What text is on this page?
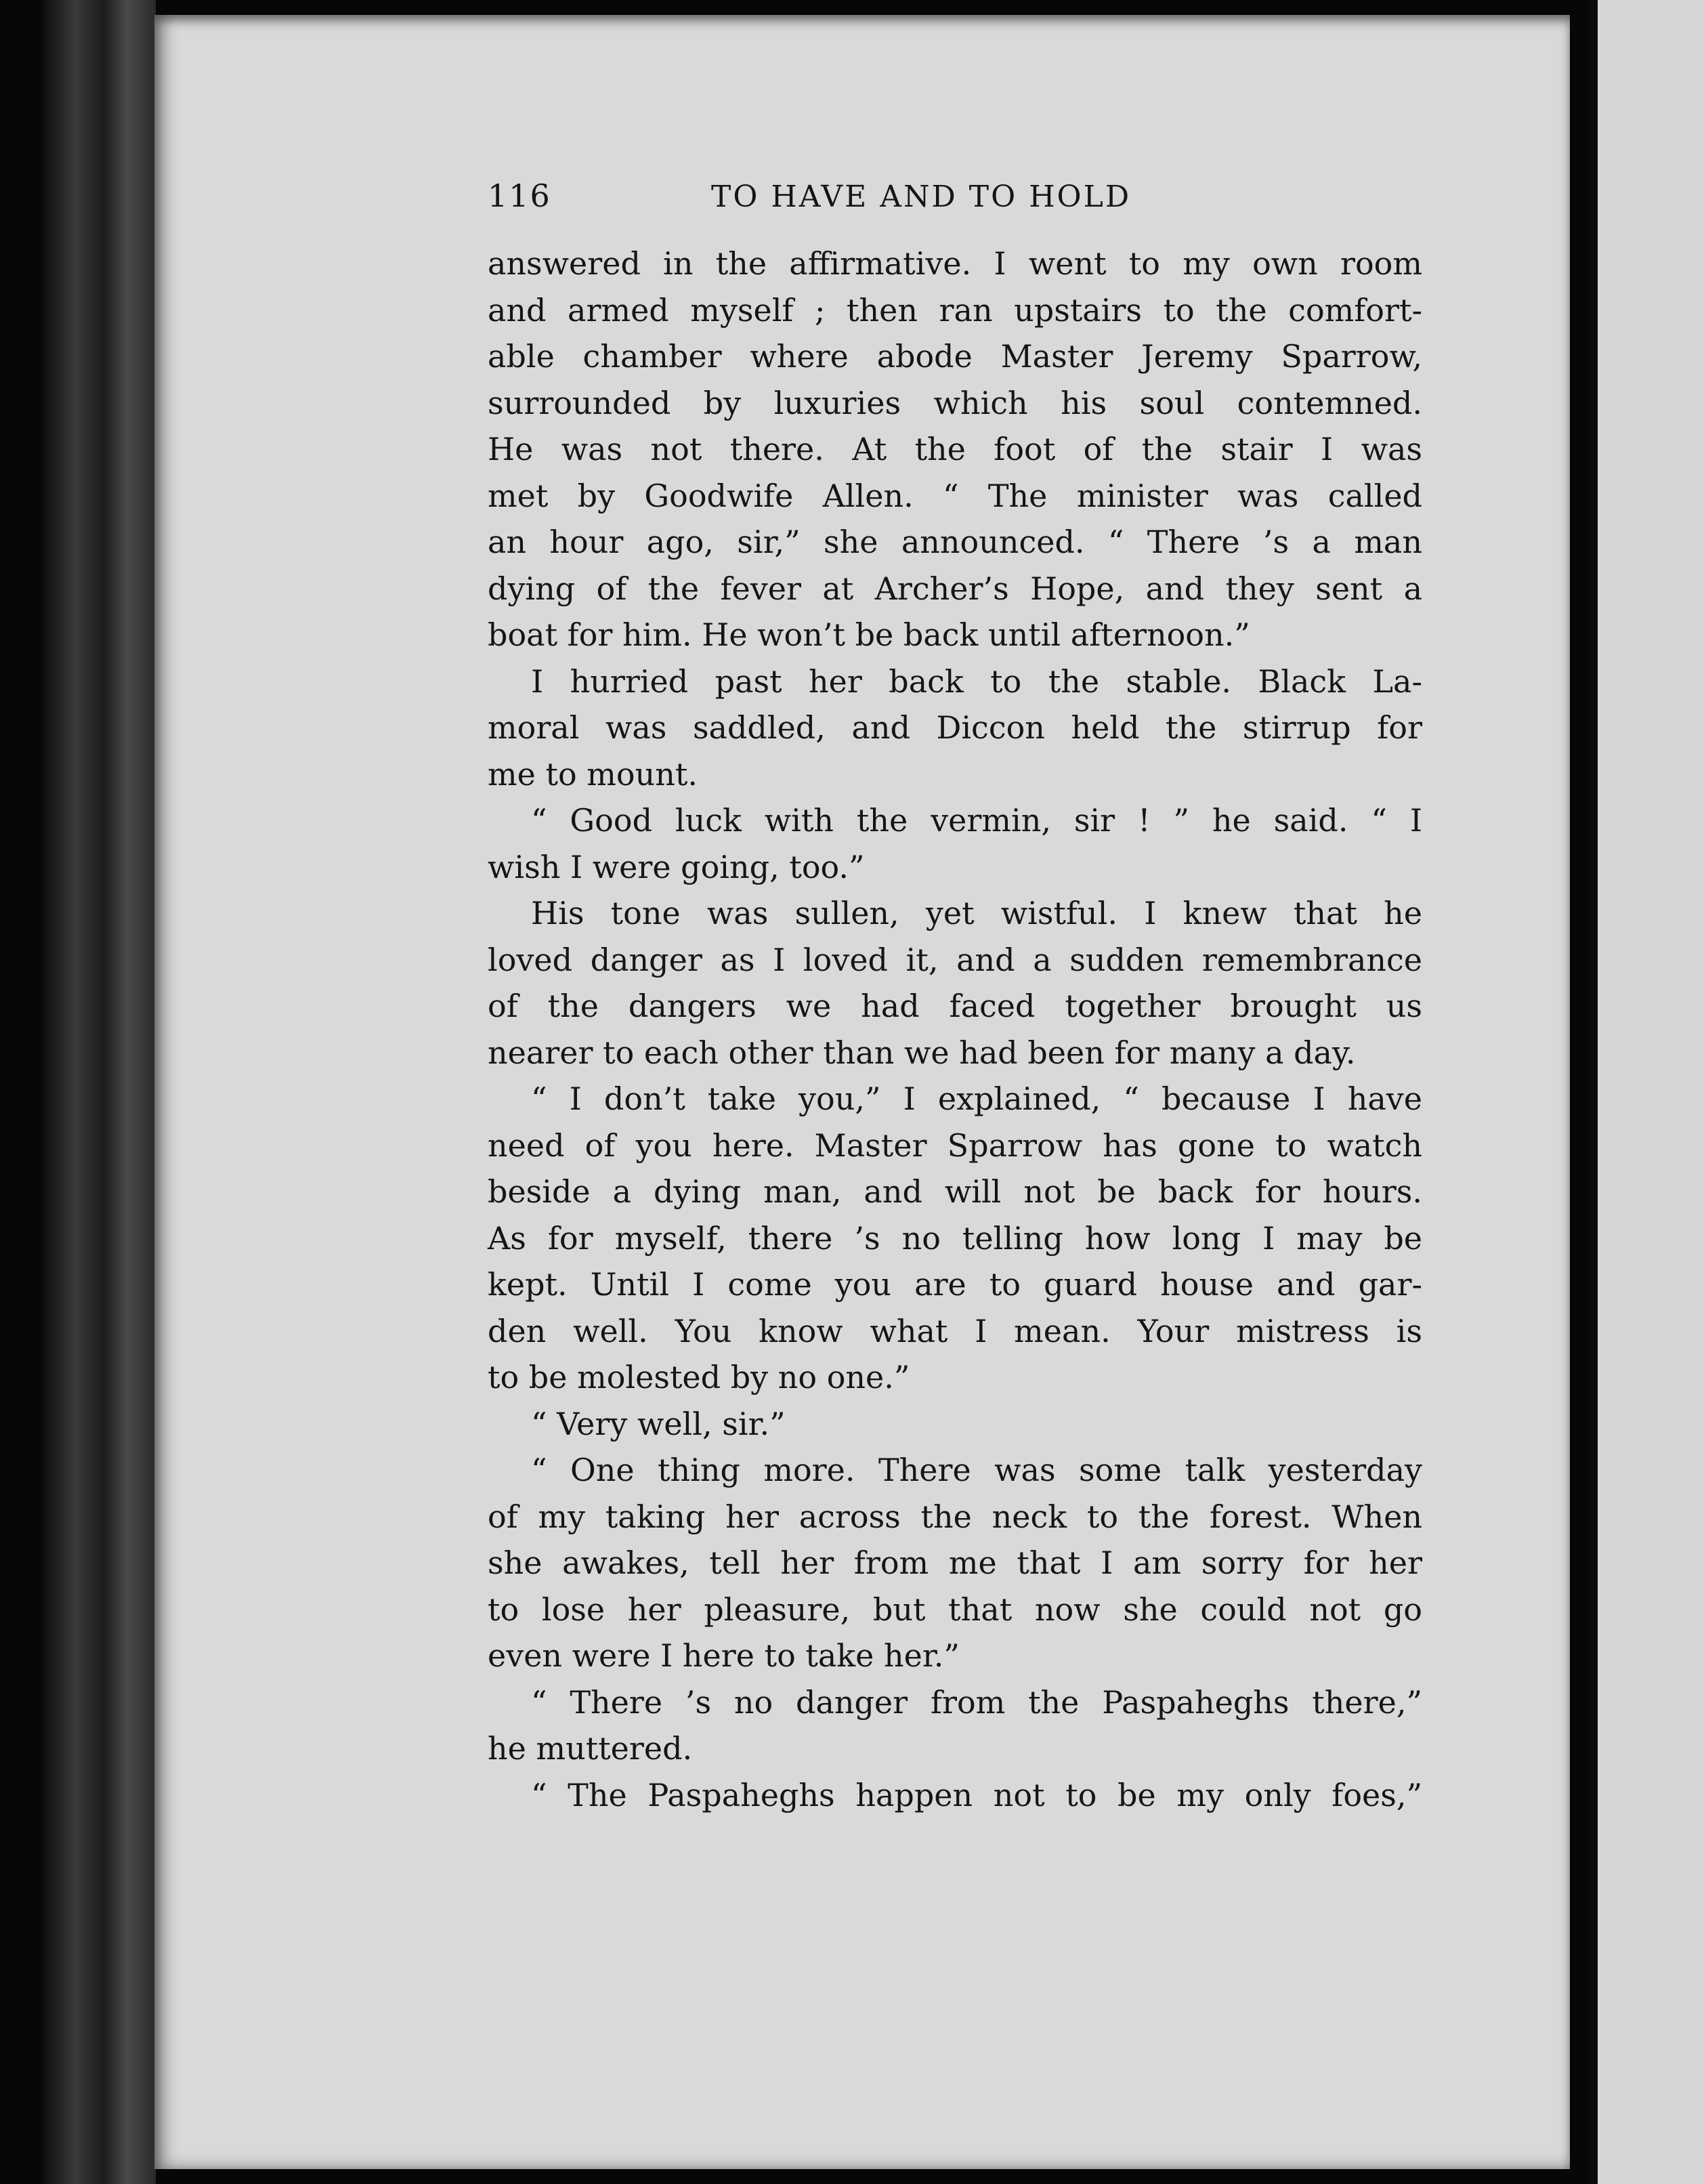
116	TO HAVE AND TO HOLD
answered in the affirmative. I went to my own room
and armed myself ; then ran upstairs to the comfort-
able chamber where abode Master Jeremy Sparrow,
surrounded by luxuries which his soul contemned.
He was not there. At the foot of the stair I was
met by Goodwife Allen. “ The minister was called
an hour ago, sir,” she announced. “ There ’s a man
dying of the fever at Archer’s Hope, and they sent a
boat for him. He won’t be back until afternoon.”
I hurried past her back to the stable. Black La-
moral was saddled, and Diccon held the stirrup for
me to mount.
“ Good luck with the vermin, sir ! ” he said. “ I
wish I were going, too.”
His tone was sullen, yet wistful. I knew that he
loved danger as I loved it, and a sudden remembrance
of the dangers we had faced together brought us
nearer to each other than we had been for many a day.
“ I don’t take you,” I explained, “ because I have
need of you here. Master Sparrow has gone to watch
beside a dying man, and will not be back for hours.
As for myself, there ’s no telling how long I may be
kept. Until I come you are to guard house and gar-
den well. You know what I mean. Your mistress is
to be molested by no one.”
“ Very well, sir.”
“ One thing more. There was some talk yesterday
of my taking her across the neck to the forest. When
she awakes, tell her from me that I am sorry for her
to lose her pleasure, but that now she could not go
even were I here to take her.”
“ There ’s no danger from the Paspaheghs there,”
he muttered.
“ The Paspaheghs happen not to be my only foes,”
